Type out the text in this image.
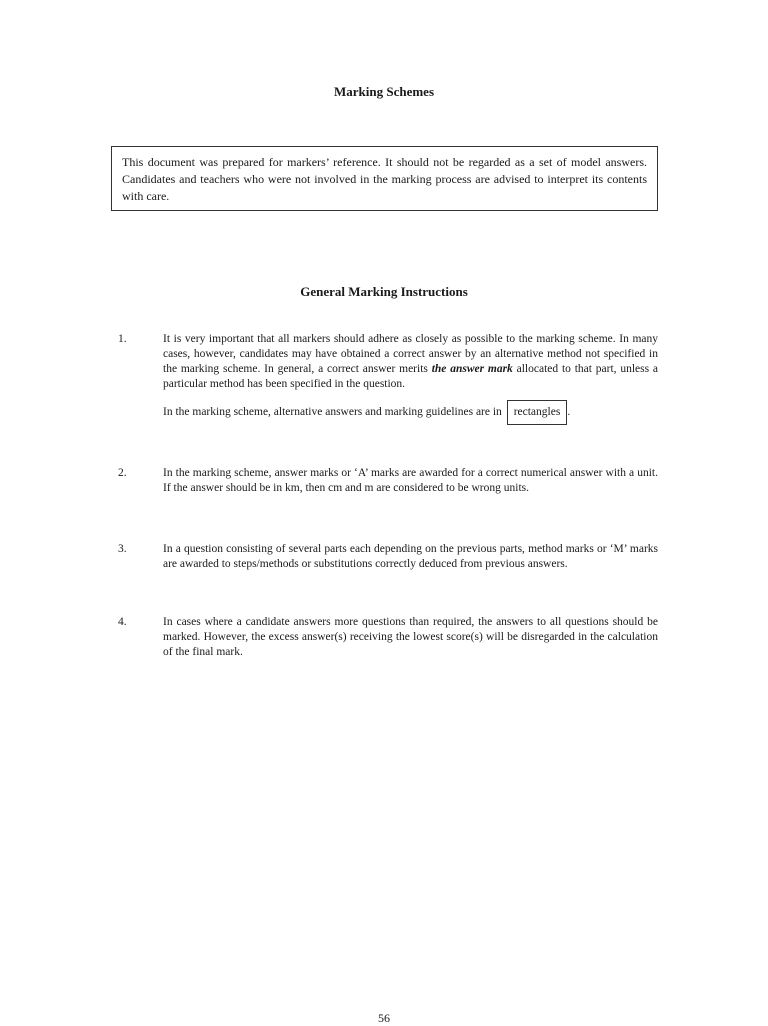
Marking Schemes
This document was prepared for markers’ reference. It should not be regarded as a set of model answers. Candidates and teachers who were not involved in the marking process are advised to interpret its contents with care.
General Marking Instructions
1.	It is very important that all markers should adhere as closely as possible to the marking scheme. In many cases, however, candidates may have obtained a correct answer by an alternative method not specified in the marking scheme. In general, a correct answer merits the answer mark allocated to that part, unless a particular method has been specified in the question.

In the marking scheme, alternative answers and marking guidelines are in rectangles .

2.	In the marking scheme, answer marks or ‘A’ marks are awarded for a correct numerical answer with a unit. If the answer should be in km, then cm and m are considered to be wrong units.

3.	In a question consisting of several parts each depending on the previous parts, method marks or ‘M’ marks are awarded to steps/methods or substitutions correctly deduced from previous answers.

4.	In cases where a candidate answers more questions than required, the answers to all questions should be marked. However, the excess answer(s) receiving the lowest score(s) will be disregarded in the calculation of the final mark.

56
